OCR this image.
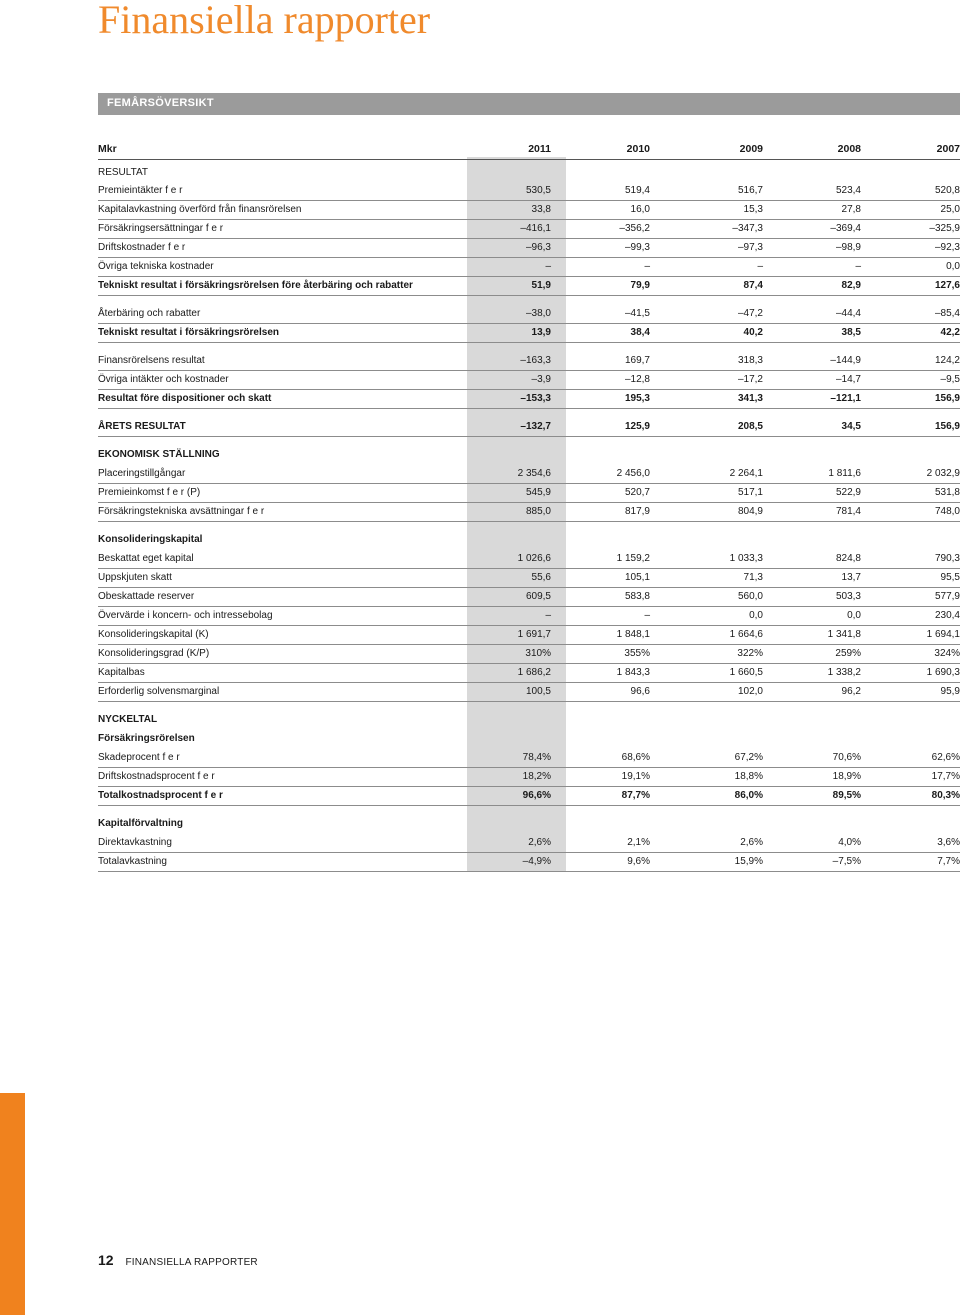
Finansiella rapporter
FEMÅRSÖVERSIKT
Mkr	2011	2010	2009	2008	2007
RESULTAT
Premieintäkter f e r	530,5	519,4	516,7	523,4	520,8
Kapitalavkastning överförd från finansrörelsen	33,8	16,0	15,3	27,8	25,0
Försäkringsersättningar f e r	–416,1	–356,2	–347,3	–369,4	–325,9
Driftskostnader f e r	–96,3	–99,3	–97,3	–98,9	–92,3
Övriga tekniska kostnader	–	–	–	–	0,0
Tekniskt resultat i försäkringsrörelsen före återbäring och rabatter	51,9	79,9	87,4	82,9	127,6
Återbäring och rabatter	–38,0	–41,5	–47,2	–44,4	–85,4
Tekniskt resultat i försäkringsrörelsen	13,9	38,4	40,2	38,5	42,2
Finansrörelsens resultat	–163,3	169,7	318,3	–144,9	124,2
Övriga intäkter och kostnader	–3,9	–12,8	–17,2	–14,7	–9,5
Resultat före dispositioner och skatt	–153,3	195,3	341,3	–121,1	156,9
ÅRETS RESULTAT	–132,7	125,9	208,5	34,5	156,9
EKONOMISK STÄLLNING
Placeringstillgångar	2 354,6	2 456,0	2 264,1	1 811,6	2 032,9
Premieinkomst f e r (P)	545,9	520,7	517,1	522,9	531,8
Försäkringstekniska avsättningar f e r	885,0	817,9	804,9	781,4	748,0
Konsolideringskapital
Beskattat eget kapital	1 026,6	1 159,2	1 033,3	824,8	790,3
Uppskjuten skatt	55,6	105,1	71,3	13,7	95,5
Obeskattade reserver	609,5	583,8	560,0	503,3	577,9
Övervärde i koncern- och intressebolag	–	–	0,0	0,0	230,4
Konsolideringskapital (K)	1 691,7	1 848,1	1 664,6	1 341,8	1 694,1
Konsolideringsgrad (K/P)	310%	355%	322%	259%	324%
Kapitalbas	1 686,2	1 843,3	1 660,5	1 338,2	1 690,3
Erforderlig solvensmarginal	100,5	96,6	102,0	96,2	95,9
NYCKELTAL
Försäkringsrörelsen
Skadeprocent f e r	78,4%	68,6%	67,2%	70,6%	62,6%
Driftskostnadsprocent f e r	18,2%	19,1%	18,8%	18,9%	17,7%
Totalkostnadsprocent f e r	96,6%	87,7%	86,0%	89,5%	80,3%
Kapitalförvaltning
Direktavkastning	2,6%	2,1%	2,6%	4,0%	3,6%
Totalavkastning	–4,9%	9,6%	15,9%	–7,5%	7,7%
12 FINANSIELLA RAPPORTER
